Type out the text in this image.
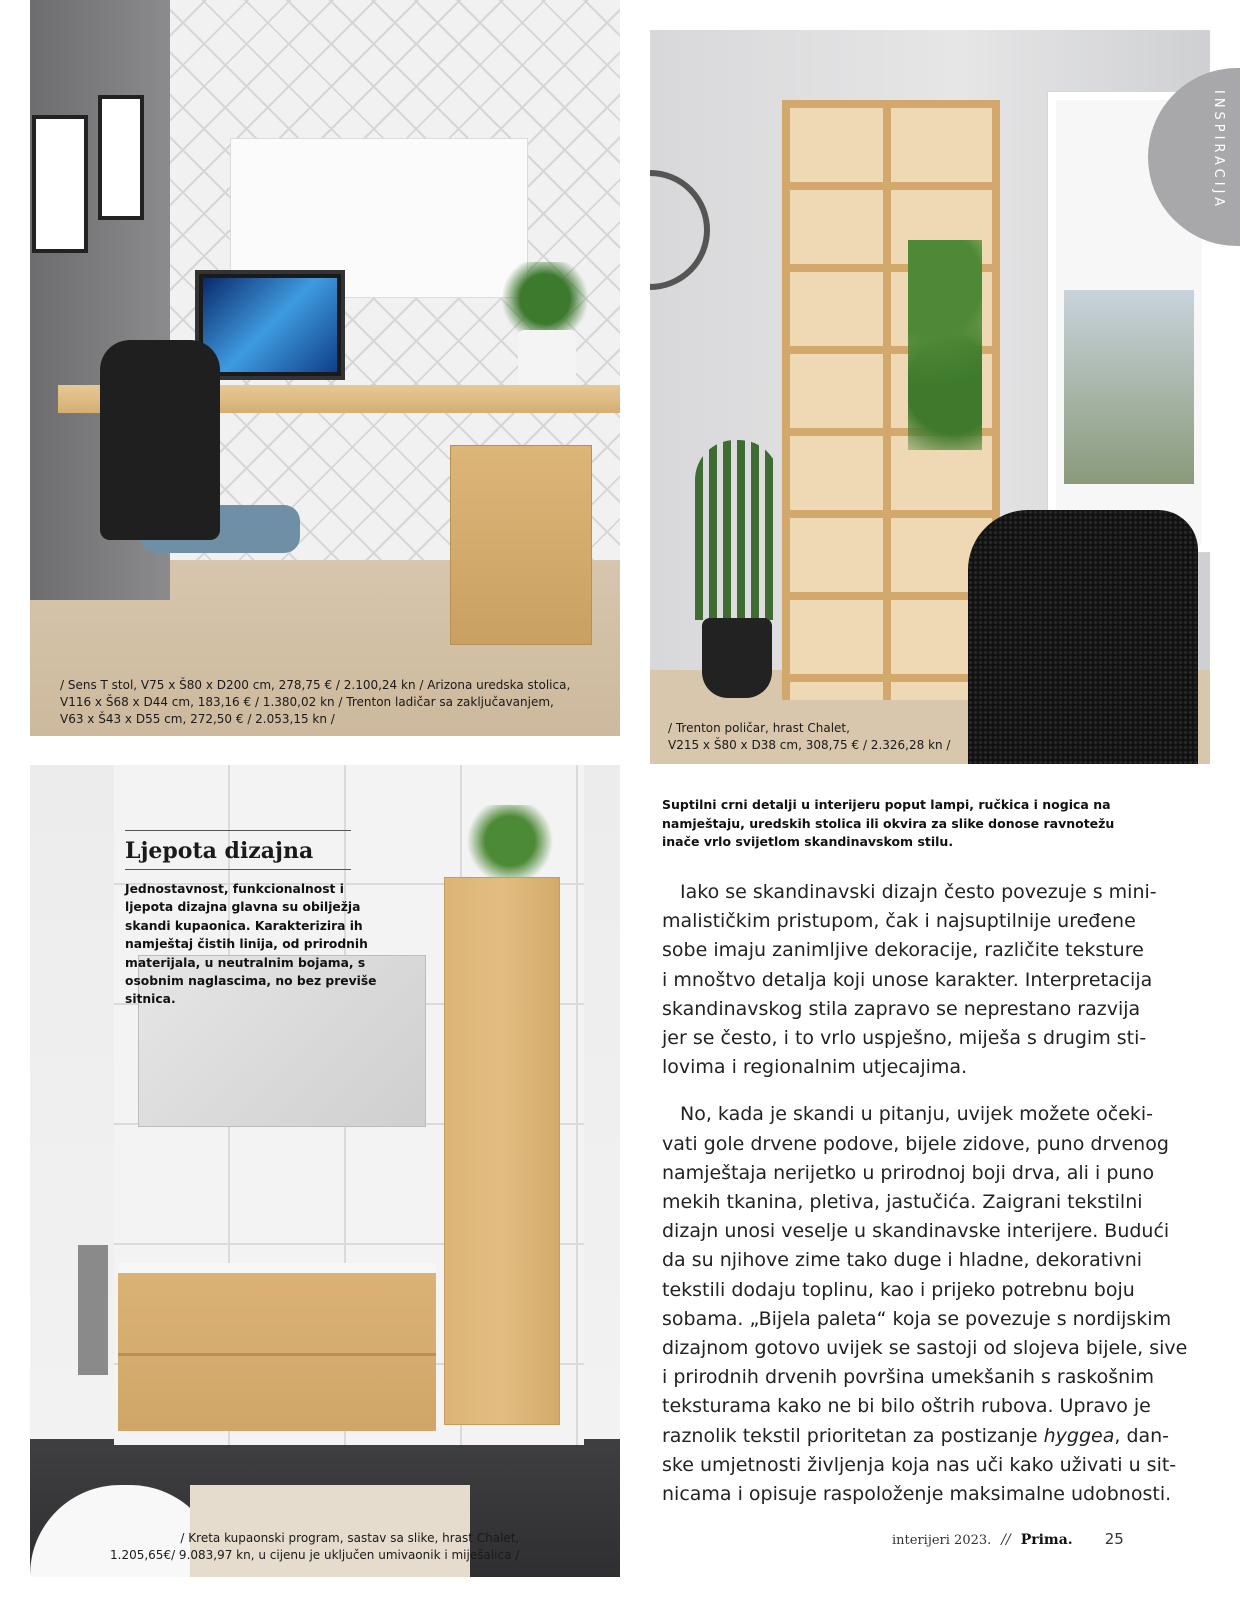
/ Sens T stol, V75 x Š80 x D200 cm, 278,75 € / 2.100,24 kn / Arizona uredska stolica,
V116 x Š68 x D44 cm, 183,16 € / 1.380,02 kn / Trenton ladičar sa zaključavanjem,
V63 x Š43 x D55 cm, 272,50 € / 2.053,15 kn /
/ Trenton poličar, hrast Chalet,
V215 x Š80 x D38 cm, 308,75 € / 2.326,28 kn /
INSPIRACIJA
/ Kreta kupaonski program, sastav sa slike, hrast Chalet,
1.205,65€/ 9.083,97 kn, u cijenu je uključen umivaonik i miješalica /
Ljepota dizajna
Jednostavnost, funkcionalnost i
ljepota dizajna glavna su obilježja
skandi kupaonica. Karakterizira ih
namještaj čistih linija, od prirodnih
materijala, u neutralnim bojama, s
osobnim naglascima, no bez previše
sitnica.
Suptilni crni detalji u interijeru poput lampi, ručkica i nogica na
namještaju, uredskih stolica ili okvira za slike donose ravnotežu
inače vrlo svijetlom skandinavskom stilu.
Iako se skandinavski dizajn često povezuje s mini-
malističkim pristupom, čak i najsuptilnije uređene
sobe imaju zanimljive dekoracije, različite teksture
i mnoštvo detalja koji unose karakter. Interpretacija
skandinavskog stila zapravo se neprestano razvija
jer se često, i to vrlo uspješno, miješa s drugim sti-
lovima i regionalnim utjecajima.
No, kada je skandi u pitanju, uvijek možete očeki-
vati gole drvene podove, bijele zidove, puno drvenog
namještaja nerijetko u prirodnoj boji drva, ali i puno
mekih tkanina, pletiva, jastučića. Zaigrani tekstilni
dizajn unosi veselje u skandinavske interijere. Budući
da su njihove zime tako duge i hladne, dekorativni
tekstili dodaju toplinu, kao i prijeko potrebnu boju
sobama. „Bijela paleta“ koja se povezuje s nordijskim
dizajnom gotovo uvijek se sastoji od slojeva bijele, sive
i prirodnih drvenih površina umekšanih s raskošnim
teksturama kako ne bi bilo oštrih rubova. Upravo je
raznolik tekstil prioritetan za postizanje hyggea, dan-
ske umjetnosti življenja koja nas uči kako uživati u sit-
nicama i opisuje raspoloženje maksimalne udobnosti.
interijeri 2023. // Prima. 25
